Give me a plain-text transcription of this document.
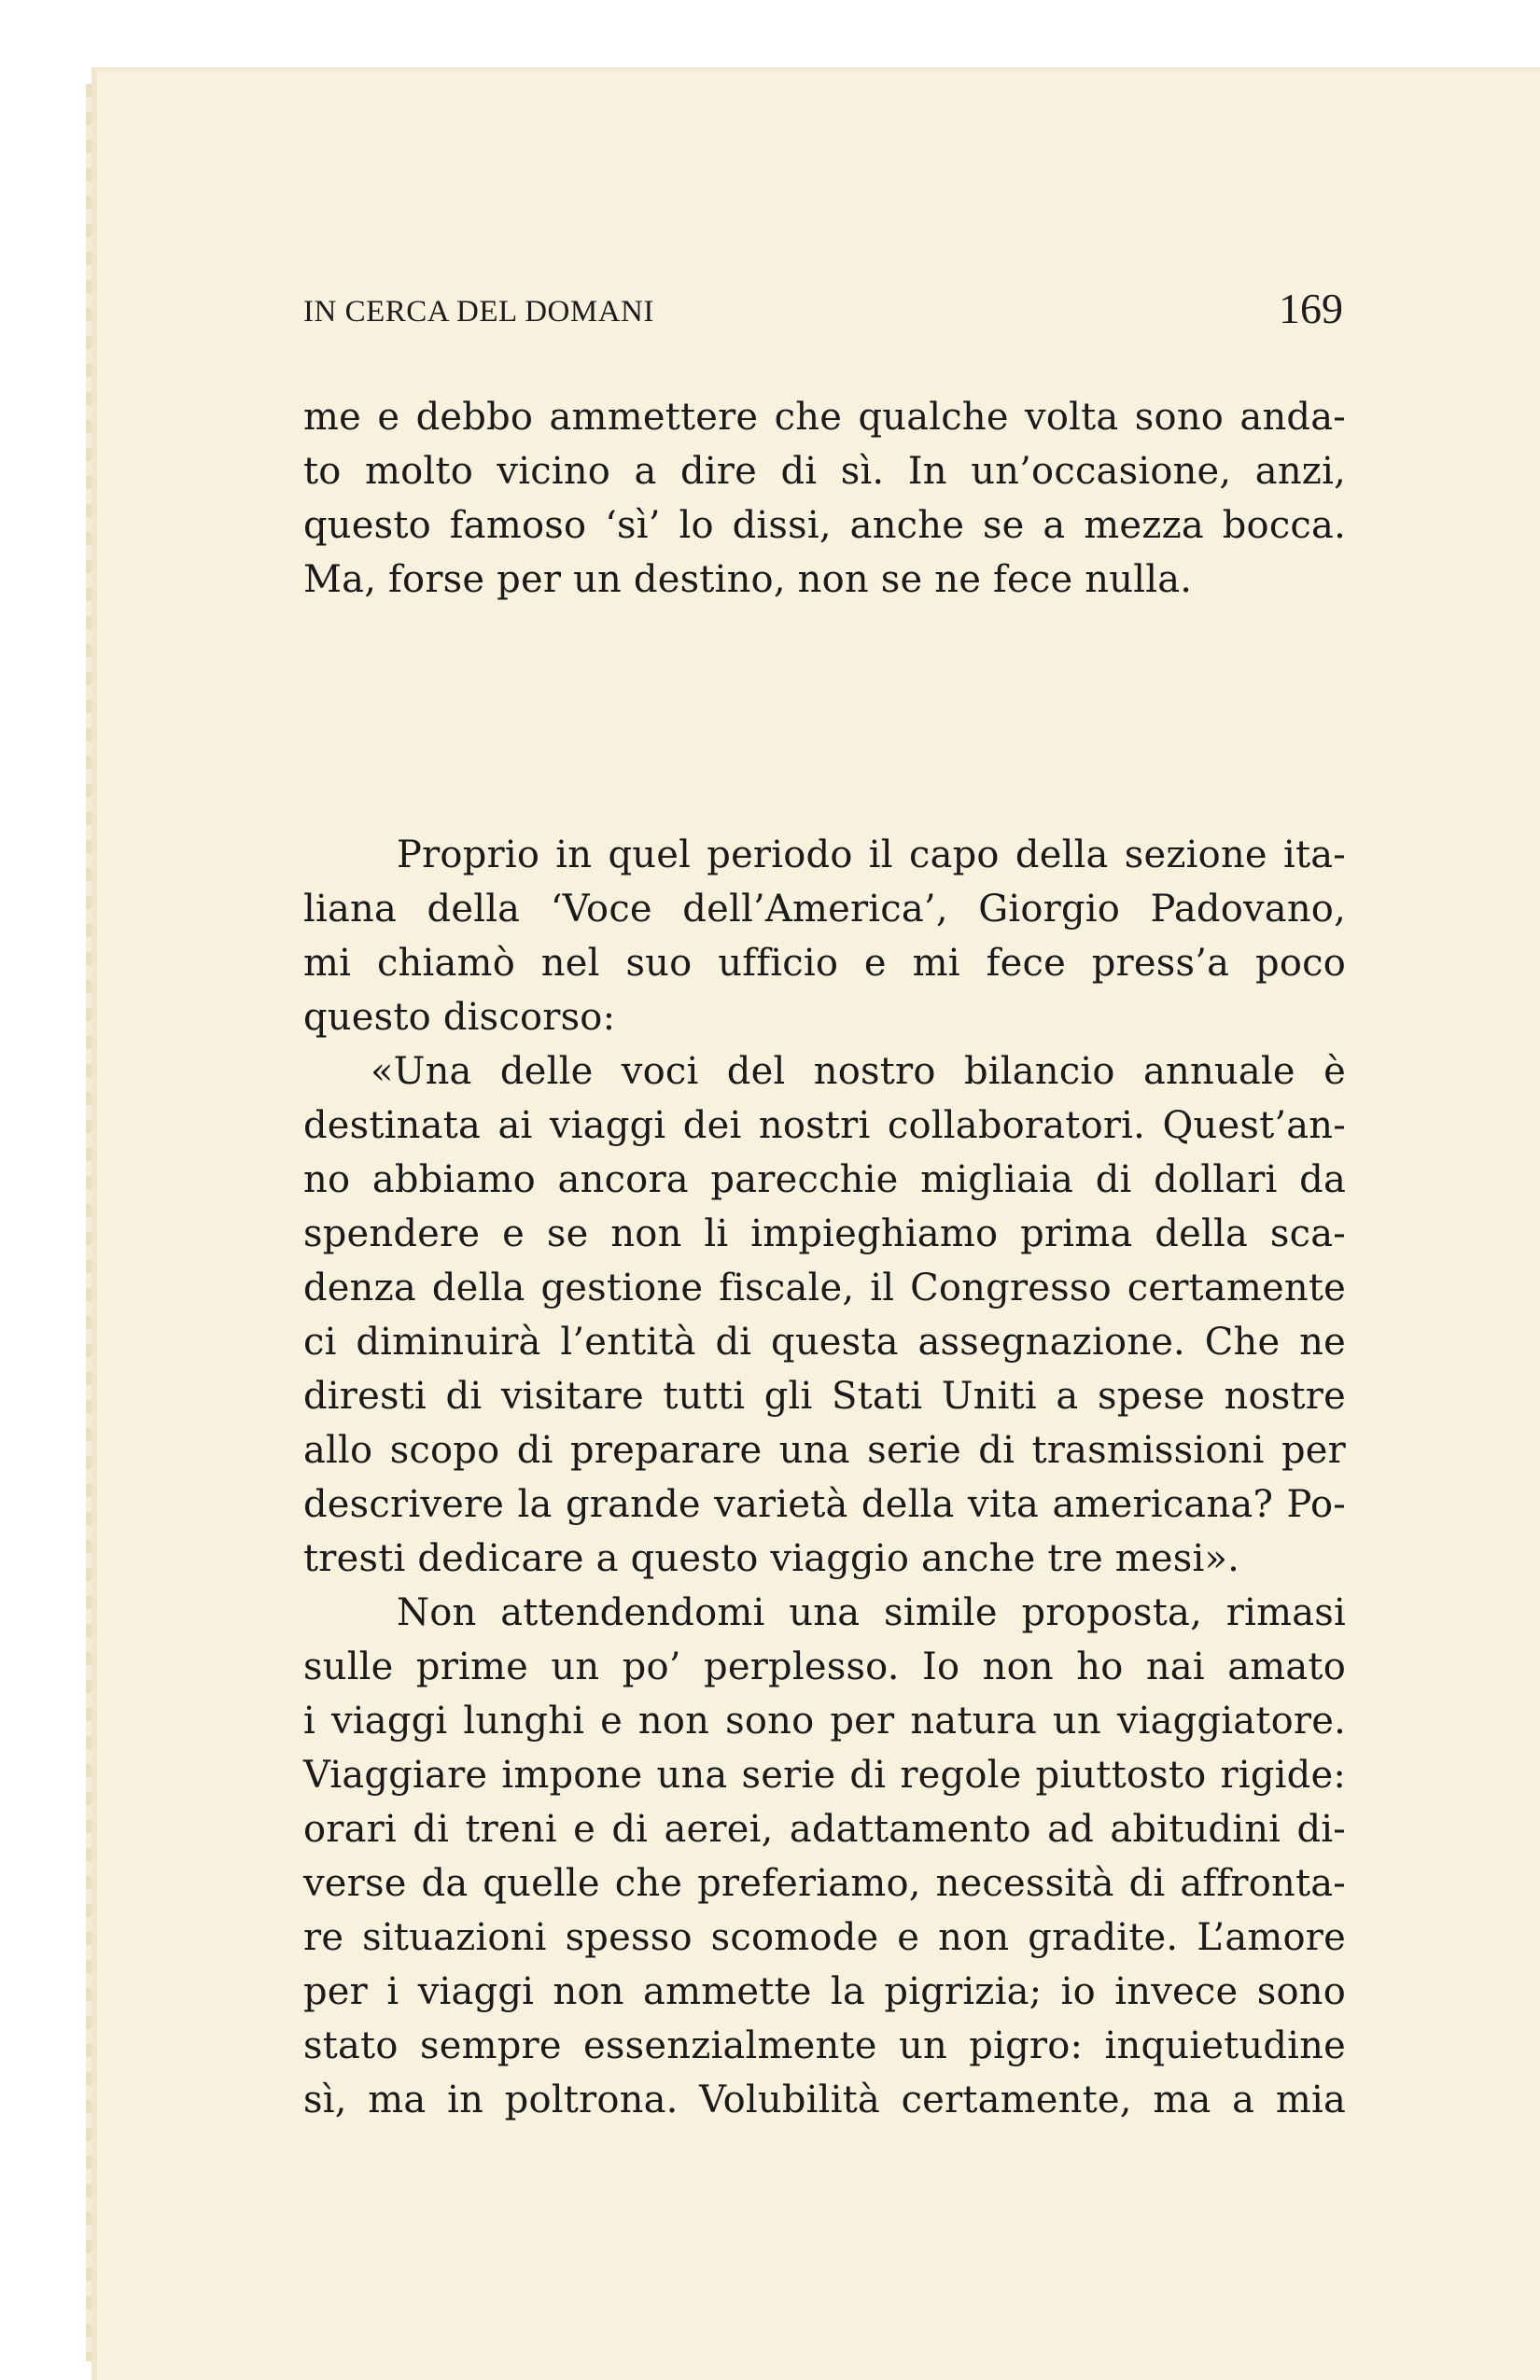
IN CERCA DEL DOMANI	169
me e debbo ammettere che qualche volta sono anda-
to molto vicino a dire di sì. In un’occasione, anzi,
questo famoso ‘sì’ lo dissi, anche se a mezza bocca.
Ma, forse per un destino, non se ne fece nulla.
Proprio in quel periodo il capo della sezione ita-
liana della ‘Voce dell’America’, Giorgio Padovano,
mi chiamò nel suo ufficio e mi fece press’a poco
questo discorso:
«Una delle voci del nostro bilancio annuale è
destinata ai viaggi dei nostri collaboratori. Quest’an-
no abbiamo ancora parecchie migliaia di dollari da
spendere e se non li impieghiamo prima della sca-
denza della gestione fiscale, il Congresso certamente
ci diminuirà l’entità di questa assegnazione. Che ne
diresti di visitare tutti gli Stati Uniti a spese nostre
allo scopo di preparare una serie di trasmissioni per
descrivere la grande varietà della vita americana? Po-
tresti dedicare a questo viaggio anche tre mesi».
Non attendendomi una simile proposta, rimasi
sulle prime un po’ perplesso. Io non ho nai amato
i viaggi lunghi e non sono per natura un viaggiatore.
Viaggiare impone una serie di regole piuttosto rigide:
orari di treni e di aerei, adattamento ad abitudini di-
verse da quelle che preferiamo, necessità di affronta-
re situazioni spesso scomode e non gradite. L’amore
per i viaggi non ammette la pigrizia; io invece sono
stato sempre essenzialmente un pigro: inquietudine
sì, ma in poltrona. Volubilità certamente, ma a mia
